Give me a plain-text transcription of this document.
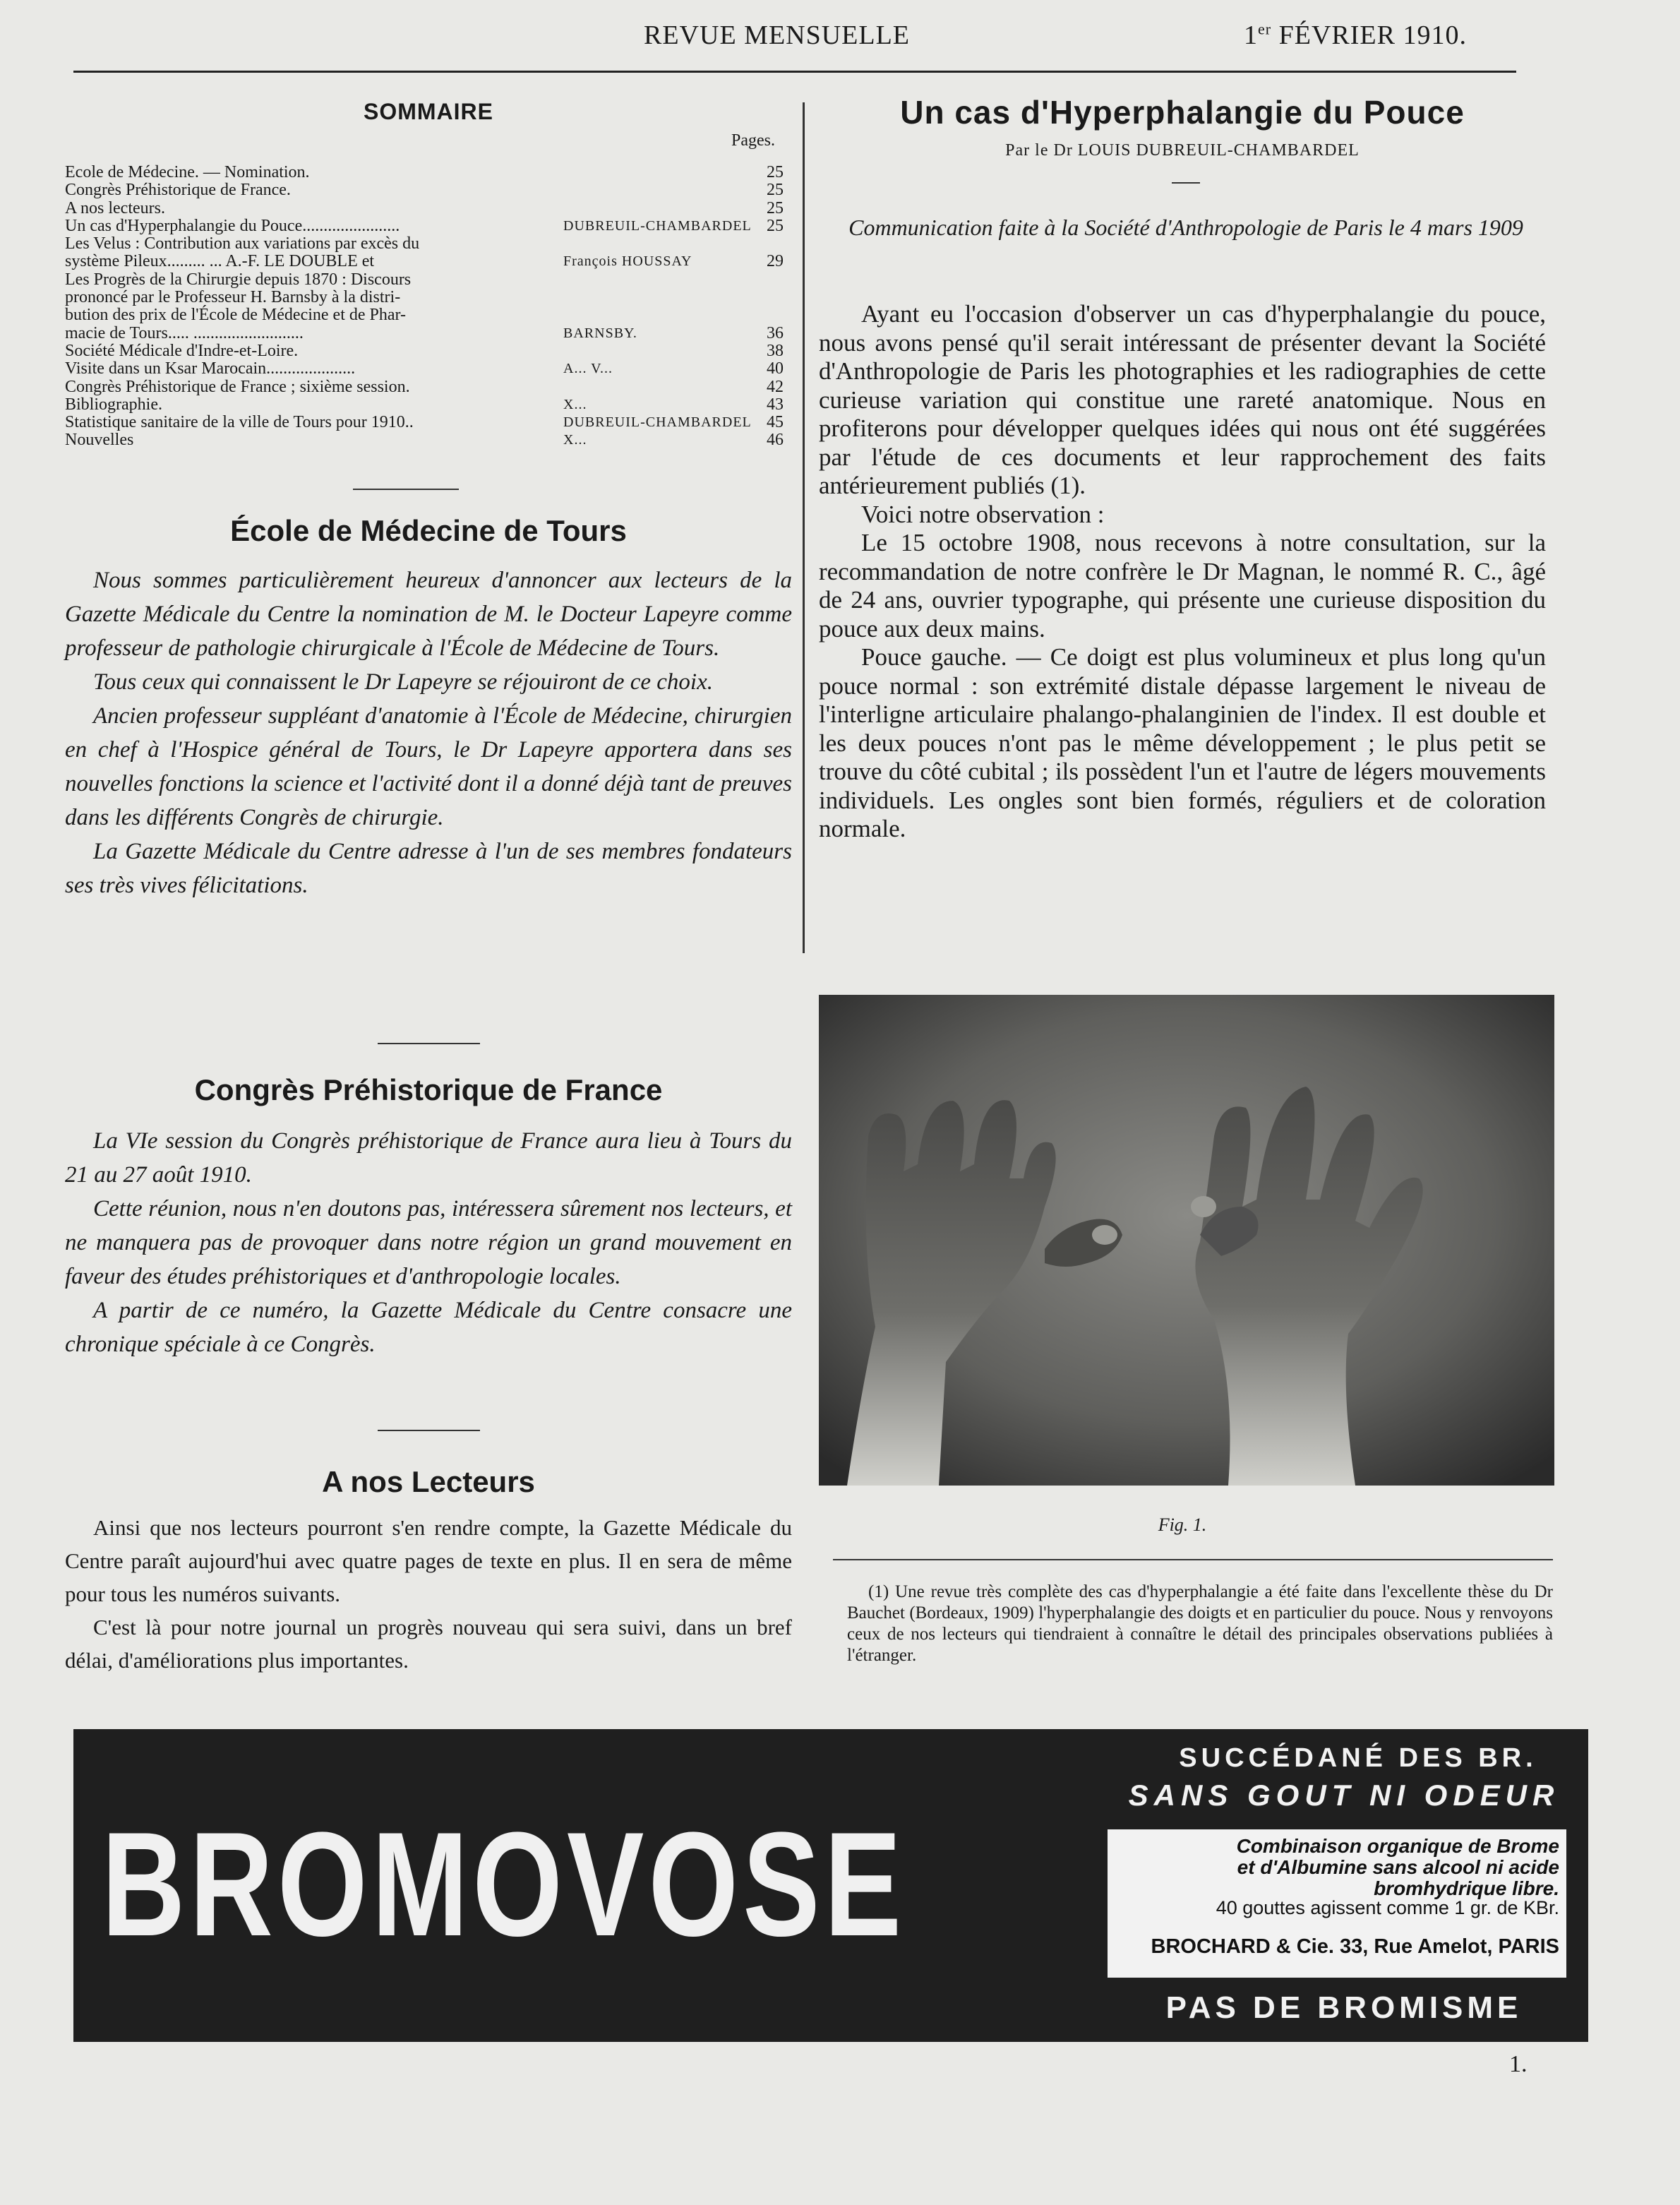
REVUE MENSUELLE	1er FÉVRIER 1910.
SOMMAIRE
Pages.
Ecole de Médecine. — Nomination.	25
Congrès Préhistorique de France.	25
A nos lecteurs.	25
Un cas d'Hyperphalangie du Pouce.......................	DUBREUIL-CHAMBARDEL 25
Les Velus : Contribution aux variations par excès du
système Pileux......... ... A.-F. LE DOUBLE et	François HOUSSAY	29
Les Progrès de la Chirurgie depuis 1870 : Discours
prononcé par le Professeur H. Barnsby à la distri-
bution des prix de l'École de Médecine et de Phar-
macie de Tours..... ..........................	BARNSBY.	36
Société Médicale d'Indre-et-Loire.	38
Visite dans un Ksar Marocain.....................	A... V...	40
Congrès Préhistorique de France ; sixième session.	42
Bibliographie.	X...	43
Statistique sanitaire de la ville de Tours pour 1910..	DUBREUIL-CHAMBARDEL 45
Nouvelles	X...	46
École de Médecine de Tours

Nous sommes particulièrement heureux d'annoncer aux lecteurs de la Gazette Médicale du Centre la nomination de M. le Docteur Lapeyre comme professeur de pathologie chirurgicale à l'École de Médecine de Tours.

Tous ceux qui connaissent le Dr Lapeyre se réjouiront de ce choix.

Ancien professeur suppléant d'anatomie à l'École de Médecine, chirurgien en chef à l'Hospice général de Tours, le Dr Lapeyre apportera dans ses nouvelles fonctions la science et l'activité dont il a donné déjà tant de preuves dans les différents Congrès de chirurgie.

La Gazette Médicale du Centre adresse à l'un de ses membres fondateurs ses très vives félicitations.

Congrès Préhistorique de France

La VIe session du Congrès préhistorique de France aura lieu à Tours du 21 au 27 août 1910.

Cette réunion, nous n'en doutons pas, intéressera sûrement nos lecteurs, et ne manquera pas de provoquer dans notre région un grand mouvement en faveur des études préhistoriques et d'anthropologie locales.

A partir de ce numéro, la Gazette Médicale du Centre consacre une chronique spéciale à ce Congrès.

A nos Lecteurs

Ainsi que nos lecteurs pourront s'en rendre compte, la Gazette Médicale du Centre paraît aujourd'hui avec quatre pages de texte en plus. Il en sera de même pour tous les numéros suivants.

C'est là pour notre journal un progrès nouveau qui sera suivi, dans un bref délai, d'améliorations plus importantes.

Un cas d'Hyperphalangie du Pouce
Par le Dr LOUIS DUBREUIL-CHAMBARDEL
Communication faite à la Société d'Anthropologie de Paris le 4 mars 1909

Ayant eu l'occasion d'observer un cas d'hyperphalangie du pouce, nous avons pensé qu'il serait intéressant de présenter devant la Société d'Anthropologie de Paris les photographies et les radiographies de cette curieuse variation qui constitue une rareté anatomique. Nous en profiterons pour développer quelques idées qui nous ont été suggérées par l'étude de ces documents et leur rapprochement des faits antérieurement publiés (1).

Voici notre observation :

Le 15 octobre 1908, nous recevons à notre consultation, sur la recommandation de notre confrère le Dr Magnan, le nommé R. C., âgé de 24 ans, ouvrier typographe, qui présente une curieuse disposition du pouce aux deux mains.

Pouce gauche. — Ce doigt est plus volumineux et plus long qu'un pouce normal : son extrémité distale dépasse largement le niveau de l'interligne articulaire phalango-phalanginien de l'index. Il est double et les deux pouces n'ont pas le même développement ; le plus petit se trouve du côté cubital ; ils possèdent l'un et l'autre de légers mouvements individuels. Les ongles sont bien formés, réguliers et de coloration normale.

Fig. 1.
(1) Une revue très complète des cas d'hyperphalangie a été faite dans l'excellente thèse du Dr Bauchet (Bordeaux, 1909) l'hyperphalangie des doigts et en particulier du pouce. Nous y renvoyons ceux de nos lecteurs qui tiendraient à connaître le détail des principales observations publiées à l'étranger.
BROMOVOSE
SUCCÉDANÉ DES BR.
SANS GOUT NI ODEUR
Combinaison organique de Brome
et d'Albumine sans alcool ni acide
bromhydrique libre.
40 gouttes agissent comme 1 gr. de KBr.
BROCHARD & Cie. 33, Rue Amelot, PARIS
PAS DE BROMISME
1.
